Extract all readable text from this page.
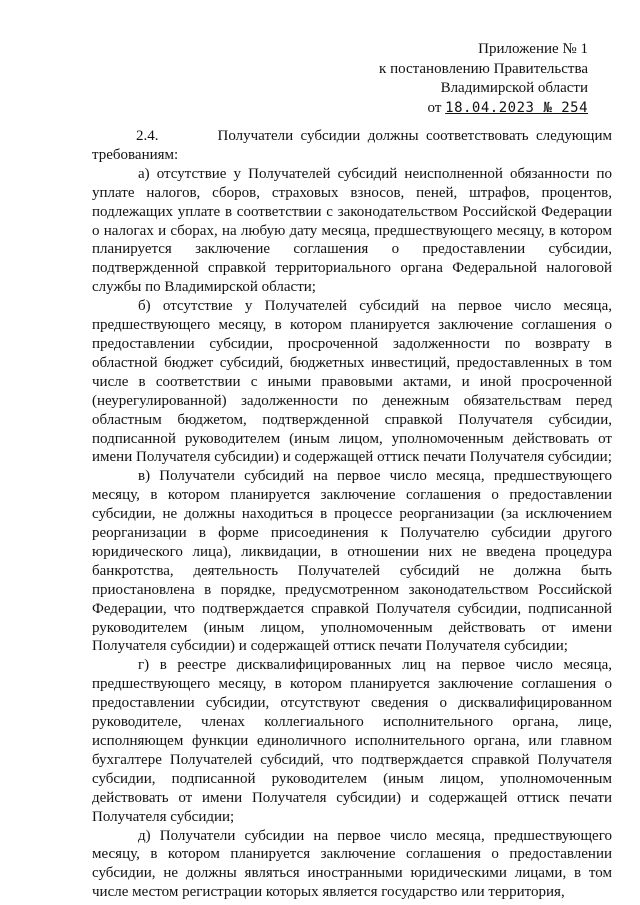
Приложение № 1
к постановлению Правительства
Владимирской области
от 18.04.2023 № 254

2.4.	Получатели субсидии должны соответствовать следующим требованиям:

а) отсутствие у Получателей субсидий неисполненной обязанности по уплате налогов, сборов, страховых взносов, пеней, штрафов, процентов, подлежащих уплате в соответствии с законодательством Российской Федерации о налогах и сборах, на любую дату месяца, предшествующего месяцу, в котором планируется заключение соглашения о предоставлении субсидии, подтвержденной справкой территориального органа Федеральной налоговой службы по Владимирской области;

б) отсутствие у Получателей субсидий на первое число месяца, предшествующего месяцу, в котором планируется заключение соглашения о предоставлении субсидии, просроченной задолженности по возврату в областной бюджет субсидий, бюджетных инвестиций, предоставленных в том числе в соответствии с иными правовыми актами, и иной просроченной (неурегулированной) задолженности по денежным обязательствам перед областным бюджетом, подтвержденной справкой Получателя субсидии, подписанной руководителем (иным лицом, уполномоченным действовать от имени Получателя субсидии) и содержащей оттиск печати Получателя субсидии;

в) Получатели субсидий на первое число месяца, предшествующего месяцу, в котором планируется заключение соглашения о предоставлении субсидии, не должны находиться в процессе реорганизации (за исключением реорганизации в форме присоединения к Получателю субсидии другого юридического лица), ликвидации, в отношении них не введена процедура банкротства, деятельность Получателей субсидий не должна быть приостановлена в порядке, предусмотренном законодательством Российской Федерации, что подтверждается справкой Получателя субсидии, подписанной руководителем (иным лицом, уполномоченным действовать от имени Получателя субсидии) и содержащей оттиск печати Получателя субсидии;

г) в реестре дисквалифицированных лиц на первое число месяца, предшествующего месяцу, в котором планируется заключение соглашения о предоставлении субсидии, отсутствуют сведения о дисквалифицированном руководителе, членах коллегиального исполнительного органа, лице, исполняющем функции единоличного исполнительного органа, или главном бухгалтере Получателей субсидий, что подтверждается справкой Получателя субсидии, подписанной руководителем (иным лицом, уполномоченным действовать от имени Получателя субсидии) и содержащей оттиск печати Получателя субсидии;

д) Получатели субсидии на первое число месяца, предшествующего месяцу, в котором планируется заключение соглашения о предоставлении субсидии, не должны являться иностранными юридическими лицами, в том числе местом регистрации которых является государство или территория,
